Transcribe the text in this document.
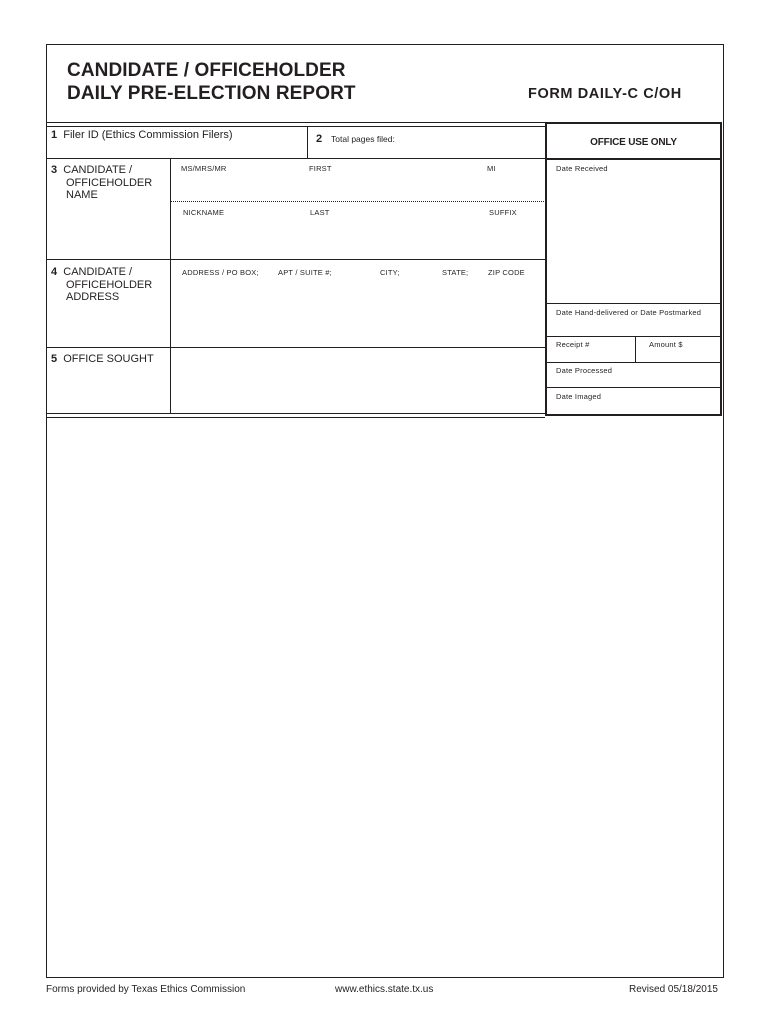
CANDIDATE / OFFICEHOLDER
DAILY PRE-ELECTION REPORT	FORM DAILY-C C/OH
1 Filer ID (Ethics Commission Filers)	2 Total pages filed:
3 CANDIDATE /
OFFICEHOLDER
NAME
MS/MRS/MR	FIRST	MI
NICKNAME	LAST	SUFFIX
4 CANDIDATE /
OFFICEHOLDER
ADDRESS
ADDRESS / PO BOX;	APT / SUITE #;	CITY;	STATE;	ZIP CODE
5 OFFICE SOUGHT
OFFICE USE ONLY
Date Received
Date Hand-delivered or Date Postmarked
Receipt #	Amount $
Date Processed
Date Imaged
Forms provided by Texas Ethics Commission	www.ethics.state.tx.us	Revised 05/18/2015
